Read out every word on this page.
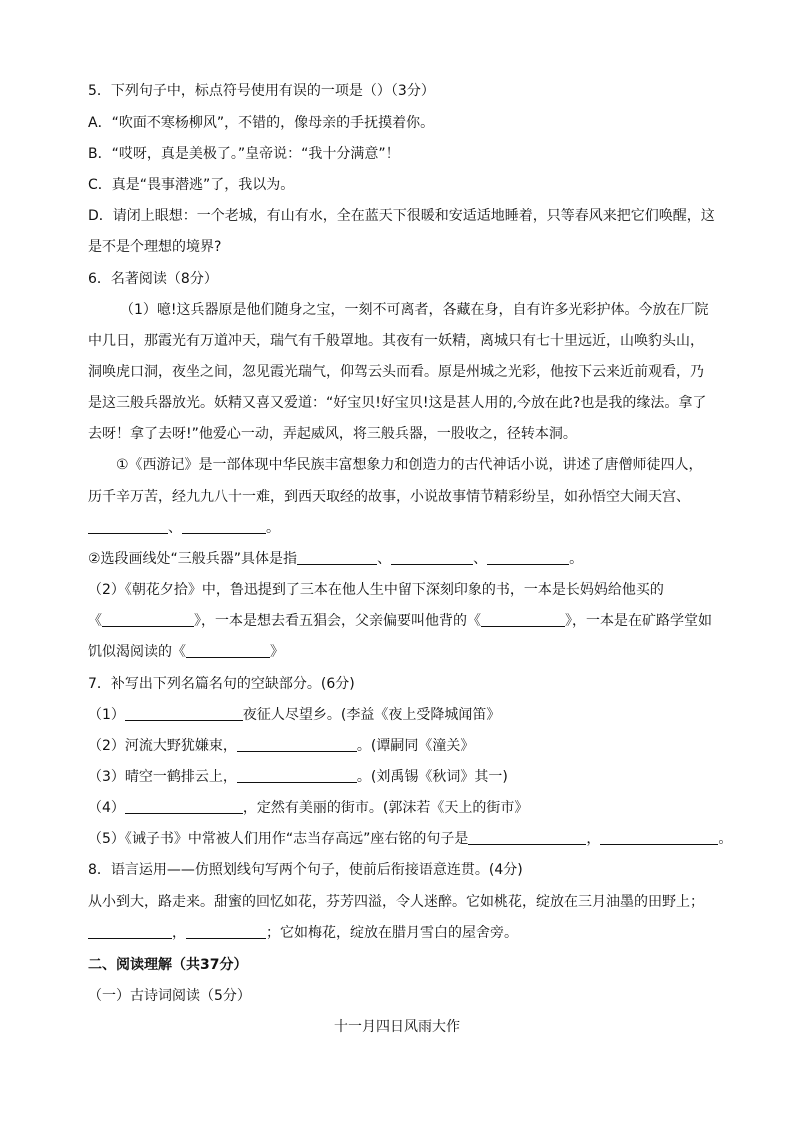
5．下列句子中，标点符号使用有误的一项是（）（3分）
A．“吹面不寒杨柳风”，不错的，像母亲的手抚摸着你。
B．“哎呀，真是美极了。”皇帝说：“我十分满意”！
C．真是“畏事潜逃”了，我以为。
D．请闭上眼想：一个老城，有山有水，全在蓝天下很暖和安适适地睡着，只等春风来把它们唤醒，这
是不是个理想的境界?
6．名著阅读（8分）
（1）噫!这兵器原是他们随身之宝，一刻不可离者，各藏在身，自有许多光彩护体。今放在厂院
中几日，那霞光有万道冲天，瑞气有千般罩地。其夜有一妖精，离城只有七十里远近，山唤豹头山，
洞唤虎口洞，夜坐之间，忽见霞光瑞气，仰驾云头而看。原是州城之光彩，他按下云来近前观看，乃
是这三般兵器放光。妖精又喜又爱道：“好宝贝!好宝贝!这是甚人用的,今放在此?也是我的缘法。拿了
去呀！拿了去呀!”他爱心一动，弄起威风，将三般兵器，一股收之，径转本洞。
①《西游记》是一部体现中华民族丰富想象力和创造力的古代神话小说，讲述了唐僧师徒四人，
历千辛万苦，经九九八十一难，到西天取经的故事，小说故事情节精彩纷呈，如孙悟空大闹天宫、
、	。
②选段画线处“三般兵器”具体是指	、	、	。
（2）《朝花夕拾》中，鲁迅提到了三本在他人生中留下深刻印象的书，一本是长妈妈给他买的
《	》，一本是想去看五猖会，父亲偏要叫他背的《	》，一本是在矿路学堂如
饥似渴阅读的《	》
7．补写出下列名篇名句的空缺部分。(6分)
（1）	夜征人尽望乡。(李益《夜上受降城闻笛》
（2）河流大野犹嫌束，	。(谭嗣同《潼关》
（3）晴空一鹤排云上，	。(刘禹锡《秋词》其一)
（4）	，定然有美丽的街市。(郭沫若《天上的街市》
（5）《诫子书》中常被人们用作“志当存高远”座右铭的句子是	，	。
8．语言运用——仿照划线句写两个句子，使前后衔接语意连贯。(4分)
从小到大，路走来。甜蜜的回忆如花，芬芳四溢，令人迷醉。它如桃花，绽放在三月油墨的田野上；
，	；它如梅花，绽放在腊月雪白的屋舍旁。
二、阅读理解（共37分）
（一）古诗词阅读（5分）
十一月四日风雨大作
